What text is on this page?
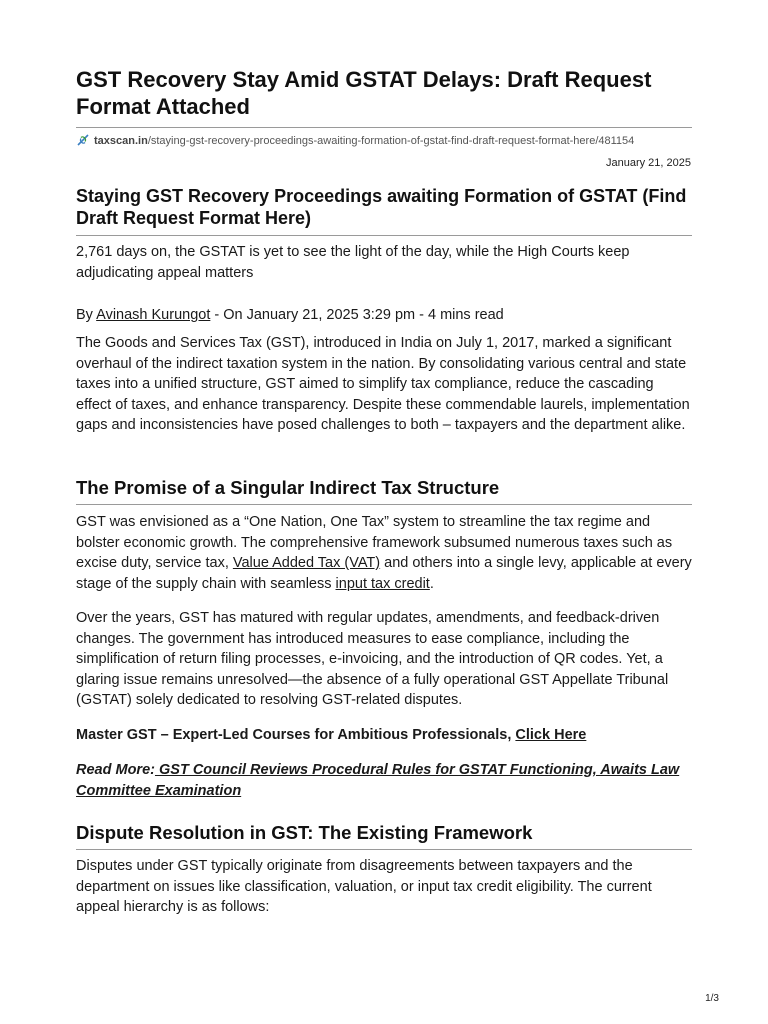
GST Recovery Stay Amid GSTAT Delays: Draft Request Format Attached
taxscan.in/staying-gst-recovery-proceedings-awaiting-formation-of-gstat-find-draft-request-format-here/481154
January 21, 2025
Staying GST Recovery Proceedings awaiting Formation of GSTAT (Find Draft Request Format Here)

2,761 days on, the GSTAT is yet to see the light of the day, while the High Courts keep adjudicating appeal matters

By Avinash Kurungot - On January 21, 2025 3:29 pm - 4 mins read

The Goods and Services Tax (GST), introduced in India on July 1, 2017, marked a significant overhaul of the indirect taxation system in the nation. By consolidating various central and state taxes into a unified structure, GST aimed to simplify tax compliance, reduce the cascading effect of taxes, and enhance transparency. Despite these commendable laurels, implementation gaps and inconsistencies have posed challenges to both – taxpayers and the department alike.

The Promise of a Singular Indirect Tax Structure

GST was envisioned as a “One Nation, One Tax” system to streamline the tax regime and bolster economic growth. The comprehensive framework subsumed numerous taxes such as excise duty, service tax, Value Added Tax (VAT) and others into a single levy, applicable at every stage of the supply chain with seamless input tax credit.

Over the years, GST has matured with regular updates, amendments, and feedback-driven changes. The government has introduced measures to ease compliance, including the simplification of return filing processes, e-invoicing, and the introduction of QR codes. Yet, a glaring issue remains unresolved—the absence of a fully operational GST Appellate Tribunal (GSTAT) solely dedicated to resolving GST-related disputes.

Master GST – Expert-Led Courses for Ambitious Professionals, Click Here

Read More: GST Council Reviews Procedural Rules for GSTAT Functioning, Awaits Law Committee Examination

Dispute Resolution in GST: The Existing Framework

Disputes under GST typically originate from disagreements between taxpayers and the department on issues like classification, valuation, or input tax credit eligibility. The current appeal hierarchy is as follows:

1/3
